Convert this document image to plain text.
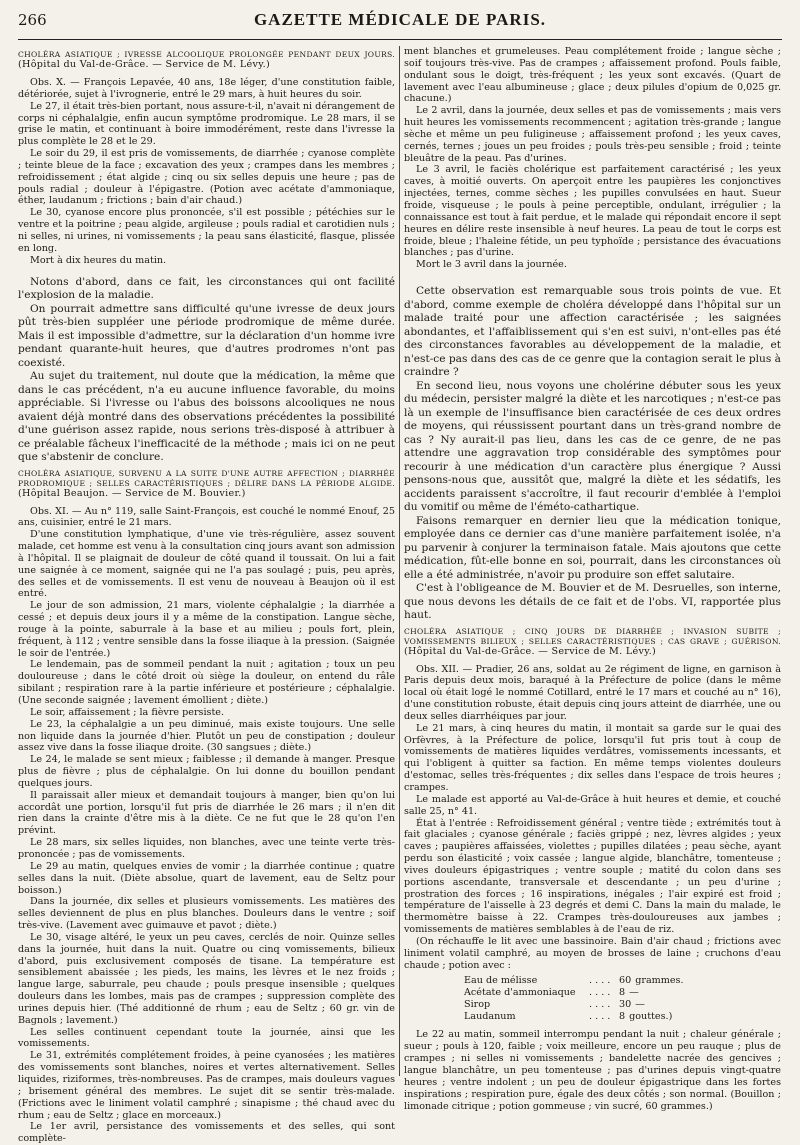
266	GAZETTE MÉDICALE DE PARIS.
CHOLÉRA ASIATIQUE ; IVRESSE ALCOOLIQUE PROLONGÉE PENDANT DEUX JOURS. (Hôpital du Val-de-Grâce. — Service de M. Lévy.)

Obs. X. — François Lepavée, 40 ans, 18e léger, d'une constitution faible, détériorée, sujet à l'ivrognerie, entré le 29 mars, à huit heures du soir.

Le 27, il était très-bien portant, nous assure-t-il, n'avait ni dérangement de corps ni céphalalgie, enfin aucun symptôme prodromique. Le 28 mars, il se grise le matin, et continuant à boire immodérément, reste dans l'ivresse la plus complète le 28 et le 29.

Le soir du 29, il est pris de vomissements, de diarrhée ; cyanose complète ; teinte bleue de la face ; excavation des yeux ; crampes dans les membres ; refroidissement ; état algide ; cinq ou six selles depuis une heure ; pas de pouls radial ; douleur à l'épigastre. (Potion avec acétate d'ammoniaque, éther, laudanum ; frictions ; bain d'air chaud.)

Le 30, cyanose encore plus prononcée, s'il est possible ; pétéchies sur le ventre et la poitrine ; peau algide, argileuse ; pouls radial et carotidien nuls ; ni selles, ni urines, ni vomissements ; la peau sans élasticité, flasque, plissée en long.

Mort à dix heures du matin.

Notons d'abord, dans ce fait, les circonstances qui ont facilité l'explosion de la maladie.

On pourrait admettre sans difficulté qu'une ivresse de deux jours pût très-bien suppléer une période prodromique de même durée. Mais il est impossible d'admettre, sur la déclaration d'un homme ivre pendant quarante-huit heures, que d'autres prodromes n'ont pas coexisté.

Au sujet du traitement, nul doute que la médication, la même que dans le cas précédent, n'a eu aucune influence favorable, du moins appréciable. Si l'ivresse ou l'abus des boissons alcooliques ne nous avaient déjà montré dans des observations précédentes la possibilité d'une guérison assez rapide, nous serions très-disposé à attribuer à ce préalable fâcheux l'inefficacité de la méthode ; mais ici on ne peut que s'abstenir de conclure.

CHOLÉRA ASIATIQUE, SURVENU A LA SUITE D'UNE AUTRE AFFECTION ; DIARRHÉE PRODROMIQUE ; SELLES CARACTÉRISTIQUES ; DÉLIRE DANS LA PÉRIODE ALGIDE. (Hôpital Beaujon. — Service de M. Bouvier.)

Obs. XI. — Au n° 119, salle Saint-François, est couché le nommé Enouf, 25 ans, cuisinier, entré le 21 mars.

D'une constitution lymphatique, d'une vie très-régulière, assez souvent malade, cet homme est venu à la consultation cinq jours avant son admission à l'hôpital. Il se plaignait de douleur de côté quand il toussait. On lui a fait une saignée à ce moment, saignée qui ne l'a pas soulagé ; puis, peu après, des selles et de vomissements. Il est venu de nouveau à Beaujon où il est entré.

Le jour de son admission, 21 mars, violente céphalalgie ; la diarrhée a cessé ; et depuis deux jours il y a même de la constipation. Langue sèche, rouge à la pointe, saburrale à la base et au milieu ; pouls fort, plein, fréquent, à 112 ; ventre sensible dans la fosse iliaque à la pression. (Saignée le soir de l'entrée.)

Le lendemain, pas de sommeil pendant la nuit ; agitation ; toux un peu douloureuse ; dans le côté droit où siège la douleur, on entend du râle sibilant ; respiration rare à la partie inférieure et postérieure ; céphalalgie. (Une seconde saignée ; lavement émollient ; diète.)

Le soir, affaissement ; la fièvre persiste.

Le 23, la céphalalgie a un peu diminué, mais existe toujours. Une selle non liquide dans la journée d'hier. Plutôt un peu de constipation ; douleur assez vive dans la fosse iliaque droite. (30 sangsues ; diète.)

Le 24, le malade se sent mieux ; faiblesse ; il demande à manger. Presque plus de fièvre ; plus de céphalalgie. On lui donne du bouillon pendant quelques jours.

Il paraissait aller mieux et demandait toujours à manger, bien qu'on lui accordât une portion, lorsqu'il fut pris de diarrhée le 26 mars ; il n'en dit rien dans la crainte d'être mis à la diète. Ce ne fut que le 28 qu'on l'en prévint.

Le 28 mars, six selles liquides, non blanches, avec une teinte verte très-prononcée ; pas de vomissements.

Le 29 au matin, quelques envies de vomir ; la diarrhée continue ; quatre selles dans la nuit. (Diète absolue, quart de lavement, eau de Seltz pour boisson.)

Dans la journée, dix selles et plusieurs vomissements. Les matières des selles deviennent de plus en plus blanches. Douleurs dans le ventre ; soif très-vive. (Lavement avec guimauve et pavot ; diète.)

Le 30, visage altéré, le yeux un peu caves, cerclés de noir. Quinze selles dans la journée, huit dans la nuit. Quatre ou cinq vomissements, bilieux d'abord, puis exclusivement composés de tisane. La température est sensiblement abaissée ; les pieds, les mains, les lèvres et le nez froids ; langue large, saburrale, peu chaude ; pouls presque insensible ; quelques douleurs dans les lombes, mais pas de crampes ; suppression complète des urines depuis hier. (Thé additionné de rhum ; eau de Seltz ; 60 gr. vin de Bagnols ; lavement.)

Les selles continuent cependant toute la journée, ainsi que les vomissements.

Le 31, extrémités complétement froides, à peine cyanosées ; les matières des vomissements sont blanches, noires et vertes alternativement. Selles liquides, riziformes, très-nombreuses. Pas de crampes, mais douleurs vagues ; brisement général des membres. Le sujet dit se sentir très-malade. (Frictions avec le liniment volatil camphré ; sinapisme ; thé chaud avec du rhum ; eau de Seltz ; glace en morceaux.)

Le 1er avril, persistance des vomissements et des selles, qui sont complète-

ment blanches et grumeleuses. Peau complétement froide ; langue sèche ; soif toujours très-vive. Pas de crampes ; affaissement profond. Pouls faible, ondulant sous le doigt, très-fréquent ; les yeux sont excavés. (Quart de lavement avec l'eau albumineuse ; glace ; deux pilules d'opium de 0,025 gr. chacune.)

Le 2 avril, dans la journée, deux selles et pas de vomissements ; mais vers huit heures les vomissements recommencent ; agitation très-grande ; langue sèche et même un peu fuligineuse ; affaissement profond ; les yeux caves, cernés, ternes ; joues un peu froides ; pouls très-peu sensible ; froid ; teinte bleuâtre de la peau. Pas d'urines.

Le 3 avril, le faciès cholérique est parfaitement caractérisé ; les yeux caves, à moitié ouverts. On aperçoit entre les paupières les conjonctives injectées, ternes, comme sèches ; les pupilles convulsées en haut. Sueur froide, visqueuse ; le pouls à peine perceptible, ondulant, irrégulier ; la connaissance est tout à fait perdue, et le malade qui répondait encore il sept heures en délire reste insensible à neuf heures. La peau de tout le corps est froide, bleue ; l'haleine fétide, un peu typhoïde ; persistance des évacuations blanches ; pas d'urine.

Mort le 3 avril dans la journée.

Cette observation est remarquable sous trois points de vue. Et d'abord, comme exemple de choléra développé dans l'hôpital sur un malade traité pour une affection caractérisée ; les saignées abondantes, et l'affaiblissement qui s'en est suivi, n'ont-elles pas été des circonstances favorables au développement de la maladie, et n'est-ce pas dans des cas de ce genre que la contagion serait le plus à craindre ?

En second lieu, nous voyons une cholérine débuter sous les yeux du médecin, persister malgré la diète et les narcotiques ; n'est-ce pas là un exemple de l'insuffisance bien caractérisée de ces deux ordres de moyens, qui réussissent pourtant dans un très-grand nombre de cas ? Ny aurait-il pas lieu, dans les cas de ce genre, de ne pas attendre une aggravation trop considérable des symptômes pour recourir à une médication d'un caractère plus énergique ? Aussi pensons-nous que, aussitôt que, malgré la diète et les sédatifs, les accidents paraissent s'accroître, il faut recourir d'emblée à l'emploi du vomitif ou même de l'éméto-cathartique.

Faisons remarquer en dernier lieu que la médication tonique, employée dans ce dernier cas d'une manière parfaitement isolée, n'a pu parvenir à conjurer la terminaison fatale. Mais ajoutons que cette médication, fût-elle bonne en soi, pourrait, dans les circonstances où elle a été administrée, n'avoir pu produire son effet salutaire.

C'est à l'obligeance de M. Bouvier et de M. Desruelles, son interne, que nous devons les détails de ce fait et de l'obs. VI, rapportée plus haut.

CHOLÉRA ASIATIQUE ; CINQ JOURS DE DIARRHÉE ; INVASION SUBITE ; VOMISSEMENTS BILIEUX ; SELLES CARACTÉRISTIQUES ; CAS GRAVE ; GUÉRISON. (Hôpital du Val-de-Grâce. — Service de M. Lévy.)

Obs. XII. — Pradier, 26 ans, soldat au 2e régiment de ligne, en garnison à Paris depuis deux mois, baraqué à la Préfecture de police (dans le même local où était logé le nommé Cotillard, entré le 17 mars et couché au n° 16), d'une constitution robuste, était depuis cinq jours atteint de diarrhée, une ou deux selles diarrhéiques par jour.

Le 21 mars, à cinq heures du matin, il montait sa garde sur le quai des Orfèvres, à la Préfecture de police, lorsqu'il fut pris tout à coup de vomissements de matières liquides verdâtres, vomissements incessants, et qui l'obligent à quitter sa faction. En même temps violentes douleurs d'estomac, selles très-fréquentes ; dix selles dans l'espace de trois heures ; crampes.

Le malade est apporté au Val-de-Grâce à huit heures et demie, et couché salle 25, n° 41.

État à l'entrée : Refroidissement général ; ventre tiède ; extrémités tout à fait glaciales ; cyanose générale ; faciès grippé ; nez, lèvres algides ; yeux caves ; paupières affaissées, violettes ; pupilles dilatées ; peau sèche, ayant perdu son élasticité ; voix cassée ; langue algide, blanchâtre, tomenteuse ; vives douleurs épigastriques ; ventre souple ; matité du colon dans ses portions ascendante, transversale et descendante ; un peu d'urine ; prostration des forces ; 16 inspirations, inégales ; l'air expiré est froid ; température de l'aisselle à 23 degrés et demi C. Dans la main du malade, le thermomètre baisse à 22. Crampes très-douloureuses aux jambes ; vomissements de matières semblables à de l'eau de riz.

(On réchauffe le lit avec une bassinoire. Bain d'air chaud ; frictions avec liniment volatil camphré, au moyen de brosses de laine ; cruchons d'eau chaude ; potion avec :

Eau de mélisse	. . . . 60 grammes.
Acétate d'ammoniaque	. . . . 8 —
Sirop	. . . . 30 —
Laudanum	. . . . 8 gouttes.)

Le 22 au matin, sommeil interrompu pendant la nuit ; chaleur générale ; sueur ; pouls à 120, faible ; voix meilleure, encore un peu rauque ; plus de crampes ; ni selles ni vomissements ; bandelette nacrée des gencives ; langue blanchâtre, un peu tomenteuse ; pas d'urines depuis vingt-quatre heures ; ventre indolent ; un peu de douleur épigastrique dans les fortes inspirations ; respiration pure, égale des deux côtés ; son normal. (Bouillon ; limonade citrique ; potion gommeuse ; vin sucré, 60 grammes.)
